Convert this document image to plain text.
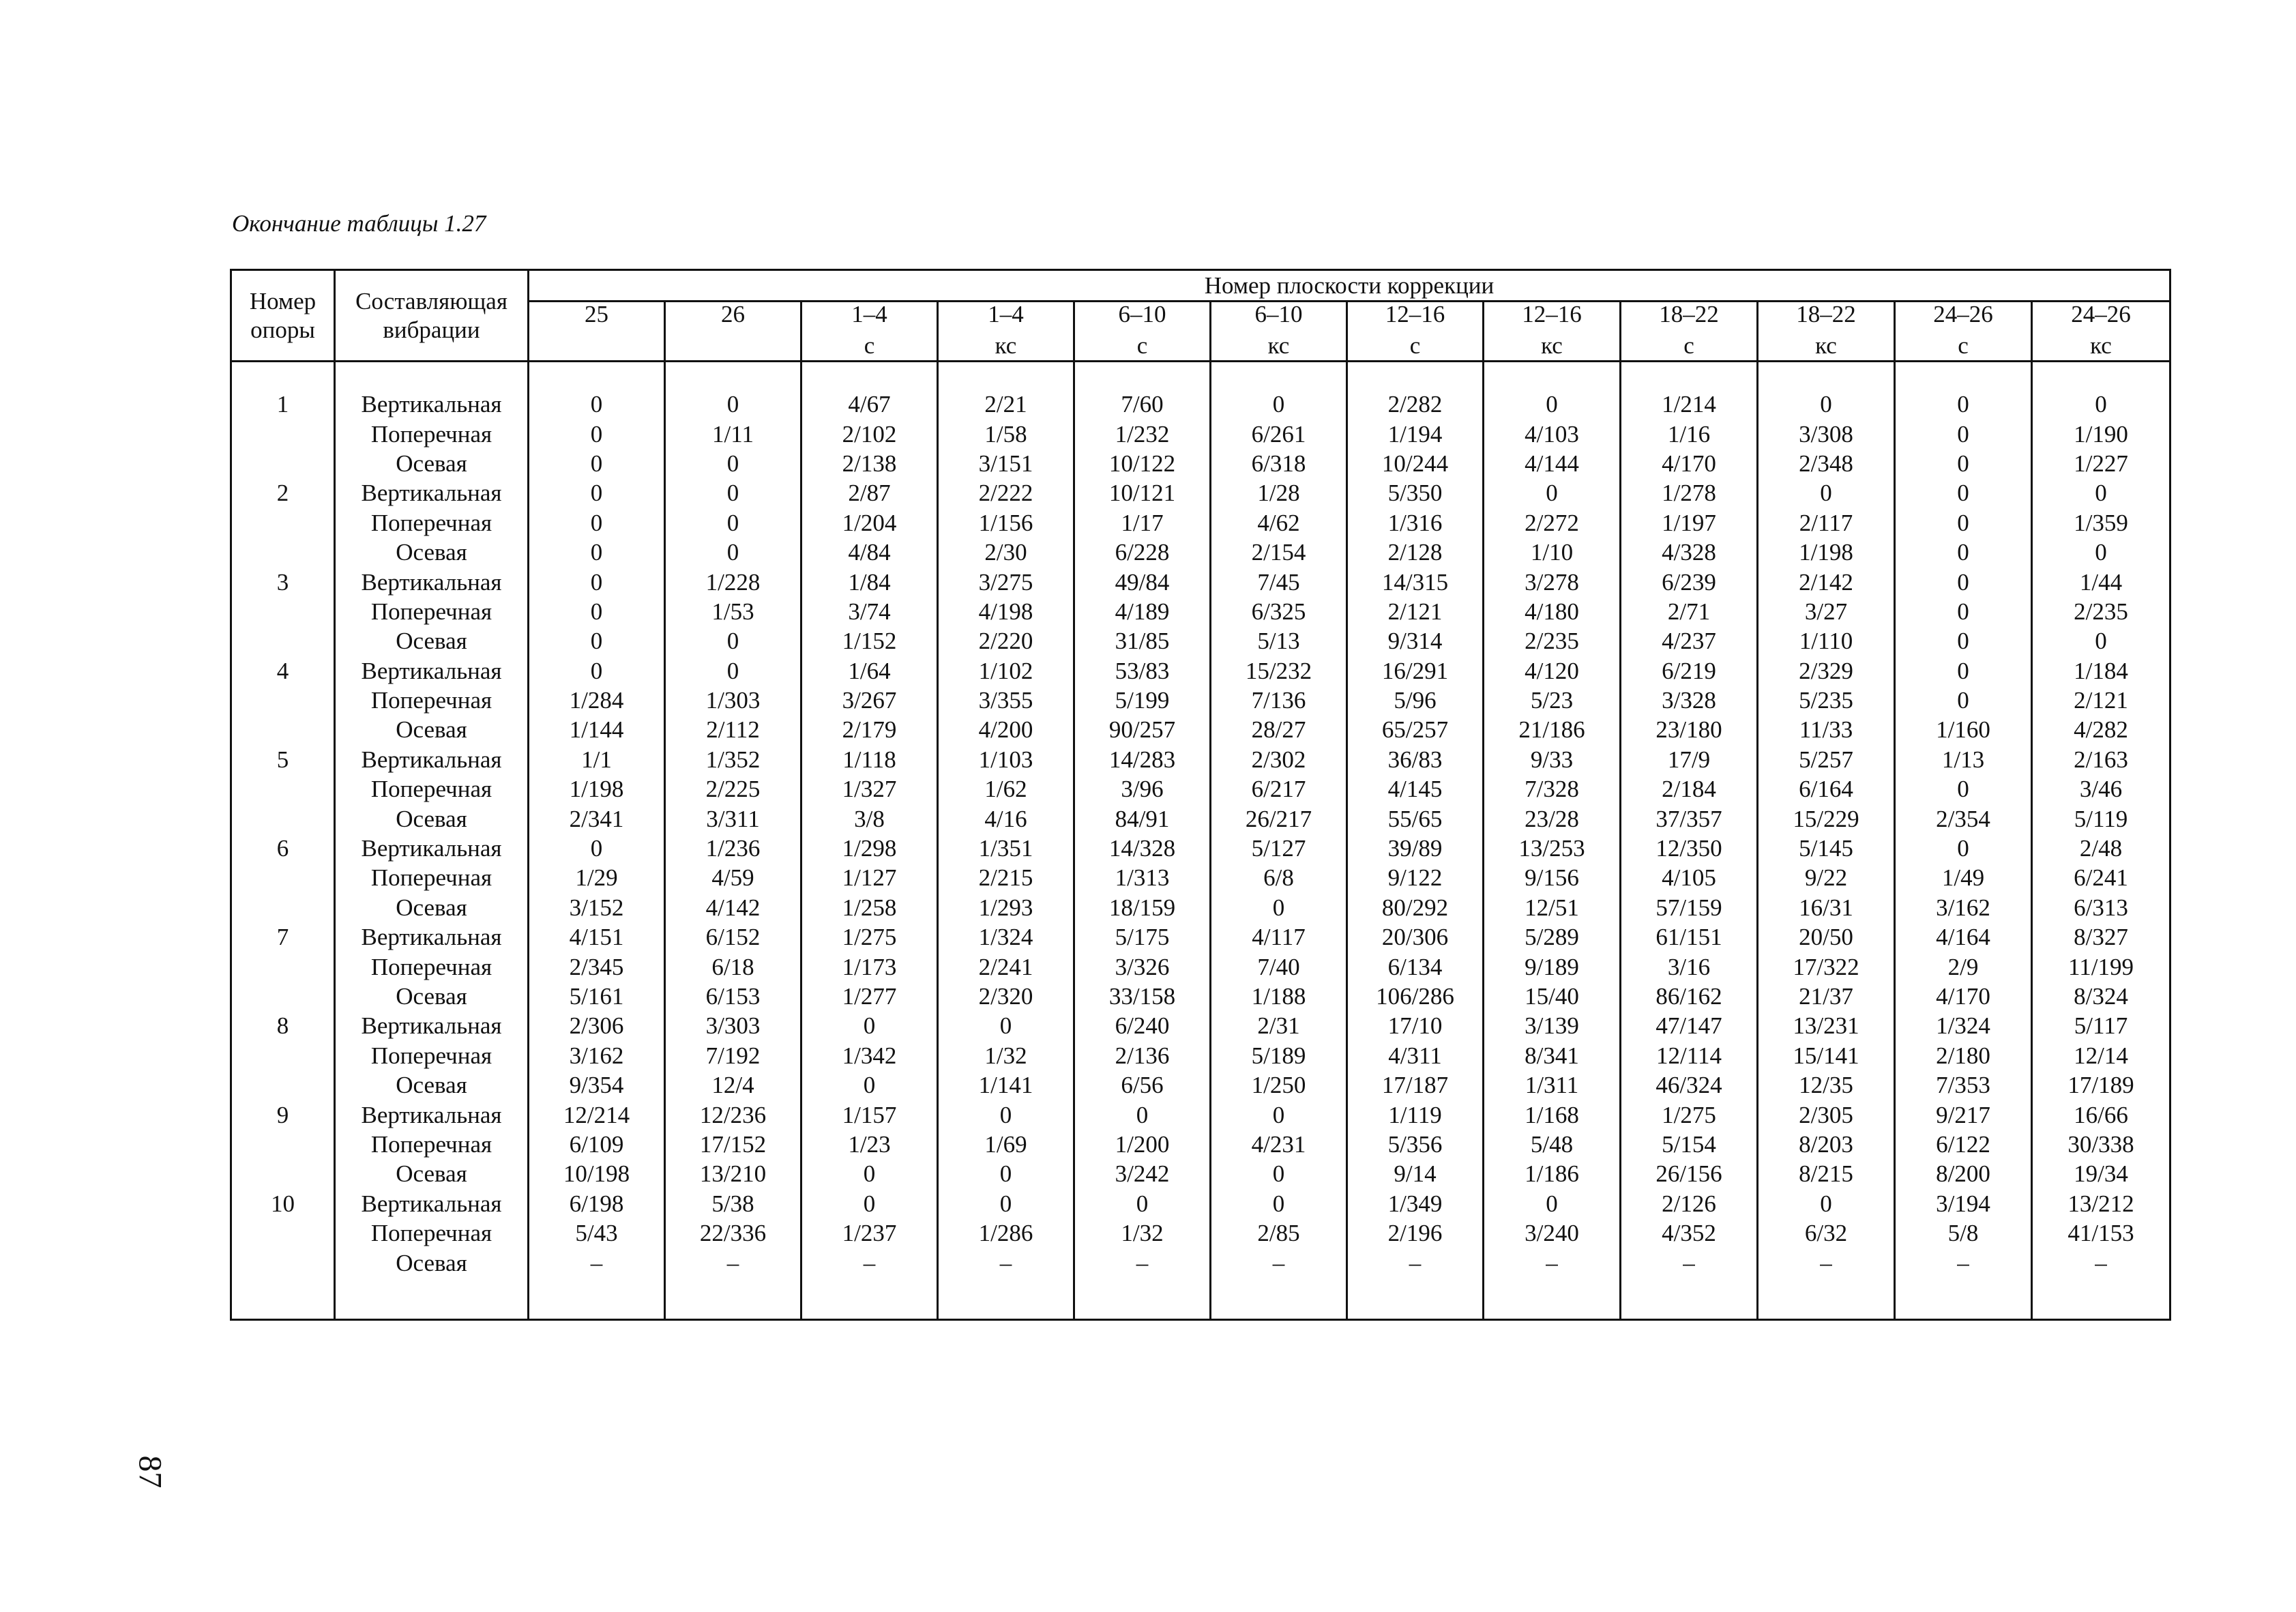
Окончание таблицы 1.27
Номер опоры	Составляющая вибрации	Номер плоскости коррекции											
		25	26	1–4	1–4	6–10	6–10	12–16	12–16	18–22	18–22	24–26	24–26
				с	кс	с	кс	с	кс	с	кс	с	кс

1	Вертикальная	0	0	4/67	2/21	7/60	0	2/282	0	1/214	0	0	0
	Поперечная	0	1/11	2/102	1/58	1/232	6/261	1/194	4/103	1/16	3/308	0	1/190
	Осевая	0	0	2/138	3/151	10/122	6/318	10/244	4/144	4/170	2/348	0	1/227
2	Вертикальная	0	0	2/87	2/222	10/121	1/28	5/350	0	1/278	0	0	0
	Поперечная	0	0	1/204	1/156	1/17	4/62	1/316	2/272	1/197	2/117	0	1/359
	Осевая	0	0	4/84	2/30	6/228	2/154	2/128	1/10	4/328	1/198	0	0
3	Вертикальная	0	1/228	1/84	3/275	49/84	7/45	14/315	3/278	6/239	2/142	0	1/44
	Поперечная	0	1/53	3/74	4/198	4/189	6/325	2/121	4/180	2/71	3/27	0	2/235
	Осевая	0	0	1/152	2/220	31/85	5/13	9/314	2/235	4/237	1/110	0	0
4	Вертикальная	0	0	1/64	1/102	53/83	15/232	16/291	4/120	6/219	2/329	0	1/184
	Поперечная	1/284	1/303	3/267	3/355	5/199	7/136	5/96	5/23	3/328	5/235	0	2/121
	Осевая	1/144	2/112	2/179	4/200	90/257	28/27	65/257	21/186	23/180	11/33	1/160	4/282
5	Вертикальная	1/1	1/352	1/118	1/103	14/283	2/302	36/83	9/33	17/9	5/257	1/13	2/163
	Поперечная	1/198	2/225	1/327	1/62	3/96	6/217	4/145	7/328	2/184	6/164	0	3/46
	Осевая	2/341	3/311	3/8	4/16	84/91	26/217	55/65	23/28	37/357	15/229	2/354	5/119
6	Вертикальная	0	1/236	1/298	1/351	14/328	5/127	39/89	13/253	12/350	5/145	0	2/48
	Поперечная	1/29	4/59	1/127	2/215	1/313	6/8	9/122	9/156	4/105	9/22	1/49	6/241
	Осевая	3/152	4/142	1/258	1/293	18/159	0	80/292	12/51	57/159	16/31	3/162	6/313
7	Вертикальная	4/151	6/152	1/275	1/324	5/175	4/117	20/306	5/289	61/151	20/50	4/164	8/327
	Поперечная	2/345	6/18	1/173	2/241	3/326	7/40	6/134	9/189	3/16	17/322	2/9	11/199
	Осевая	5/161	6/153	1/277	2/320	33/158	1/188	106/286	15/40	86/162	21/37	4/170	8/324
8	Вертикальная	2/306	3/303	0	0	6/240	2/31	17/10	3/139	47/147	13/231	1/324	5/117
	Поперечная	3/162	7/192	1/342	1/32	2/136	5/189	4/311	8/341	12/114	15/141	2/180	12/14
	Осевая	9/354	12/4	0	1/141	6/56	1/250	17/187	1/311	46/324	12/35	7/353	17/189
9	Вертикальная	12/214	12/236	1/157	0	0	0	1/119	1/168	1/275	2/305	9/217	16/66
	Поперечная	6/109	17/152	1/23	1/69	1/200	4/231	5/356	5/48	5/154	8/203	6/122	30/338
	Осевая	10/198	13/210	0	0	3/242	0	9/14	1/186	26/156	8/215	8/200	19/34
10	Вертикальная	6/198	5/38	0	0	0	0	1/349	0	2/126	0	3/194	13/212
	Поперечная	5/43	22/336	1/237	1/286	1/32	2/85	2/196	3/240	4/352	6/32	5/8	41/153
	Осевая	–	–	–	–	–	–	–	–	–	–	–	–

87
